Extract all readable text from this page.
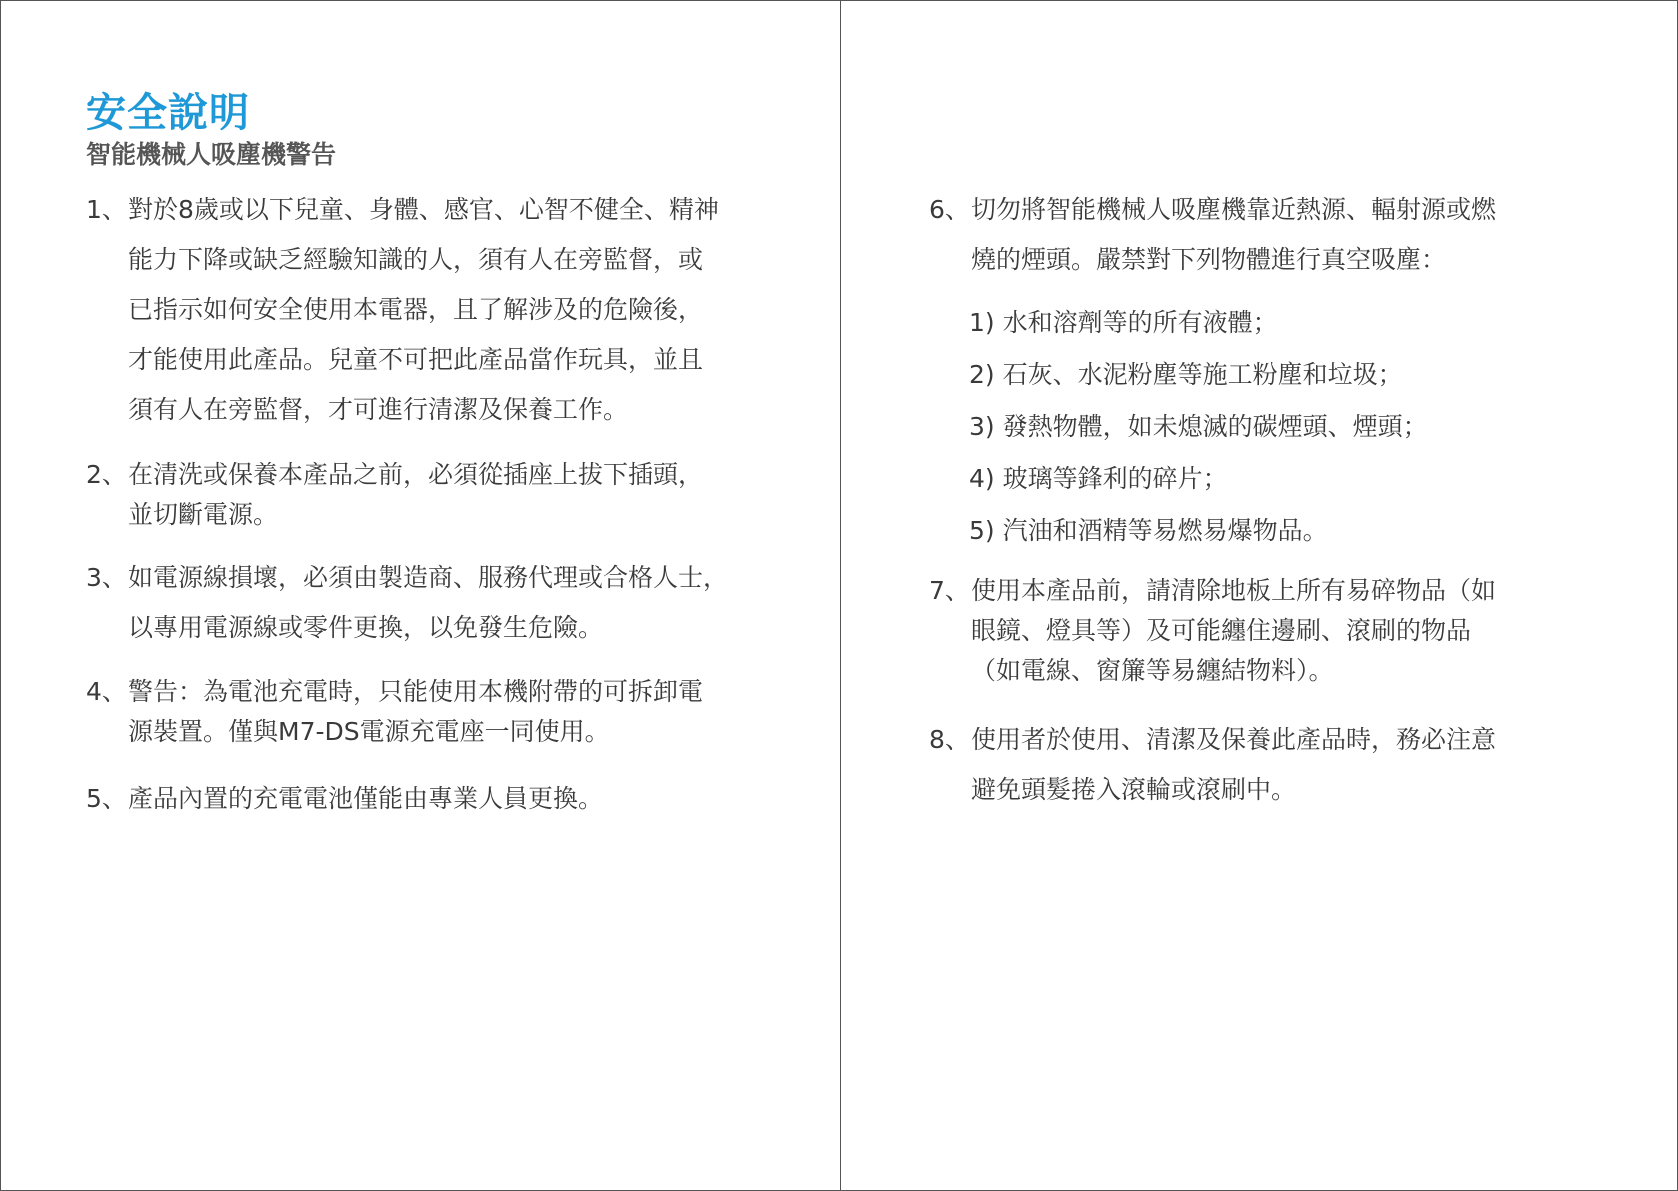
安全說明
智能機械人吸塵機警告
1、 對於8歲或以下兒童、身體、感官、心智不健全、精神
能力下降或缺乏經驗知識的人，須有人在旁監督，或
已指示如何安全使用本電器，且了解涉及的危險後，
才能使用此產品。兒童不可把此產品當作玩具，並且
須有人在旁監督，才可進行清潔及保養工作。
2、 在清洗或保養本產品之前，必須從插座上拔下插頭，
並切斷電源。
3、 如電源線損壞，必須由製造商、服務代理或合格人士，
以專用電源線或零件更換，以免發生危險。
4、 警告：為電池充電時，只能使用本機附帶的可拆卸電
源裝置。僅與M7-DS電源充電座一同使用。
5、 產品內置的充電電池僅能由專業人員更換。
6、 切勿將智能機械人吸塵機靠近熱源、輻射源或燃
燒的煙頭。嚴禁對下列物體進行真空吸塵：
1) 水和溶劑等的所有液體；
2) 石灰、水泥粉塵等施工粉塵和垃圾；
3) 發熱物體，如未熄滅的碳煙頭、煙頭；
4) 玻璃等鋒利的碎片；
5) 汽油和酒精等易燃易爆物品。
7、 使用本產品前，請清除地板上所有易碎物品（如
眼鏡、燈具等）及可能纏住邊刷、滾刷的物品
（如電線、窗簾等易纏結物料）。
8、 使用者於使用、清潔及保養此產品時，務必注意
避免頭髮捲入滾輪或滾刷中。
